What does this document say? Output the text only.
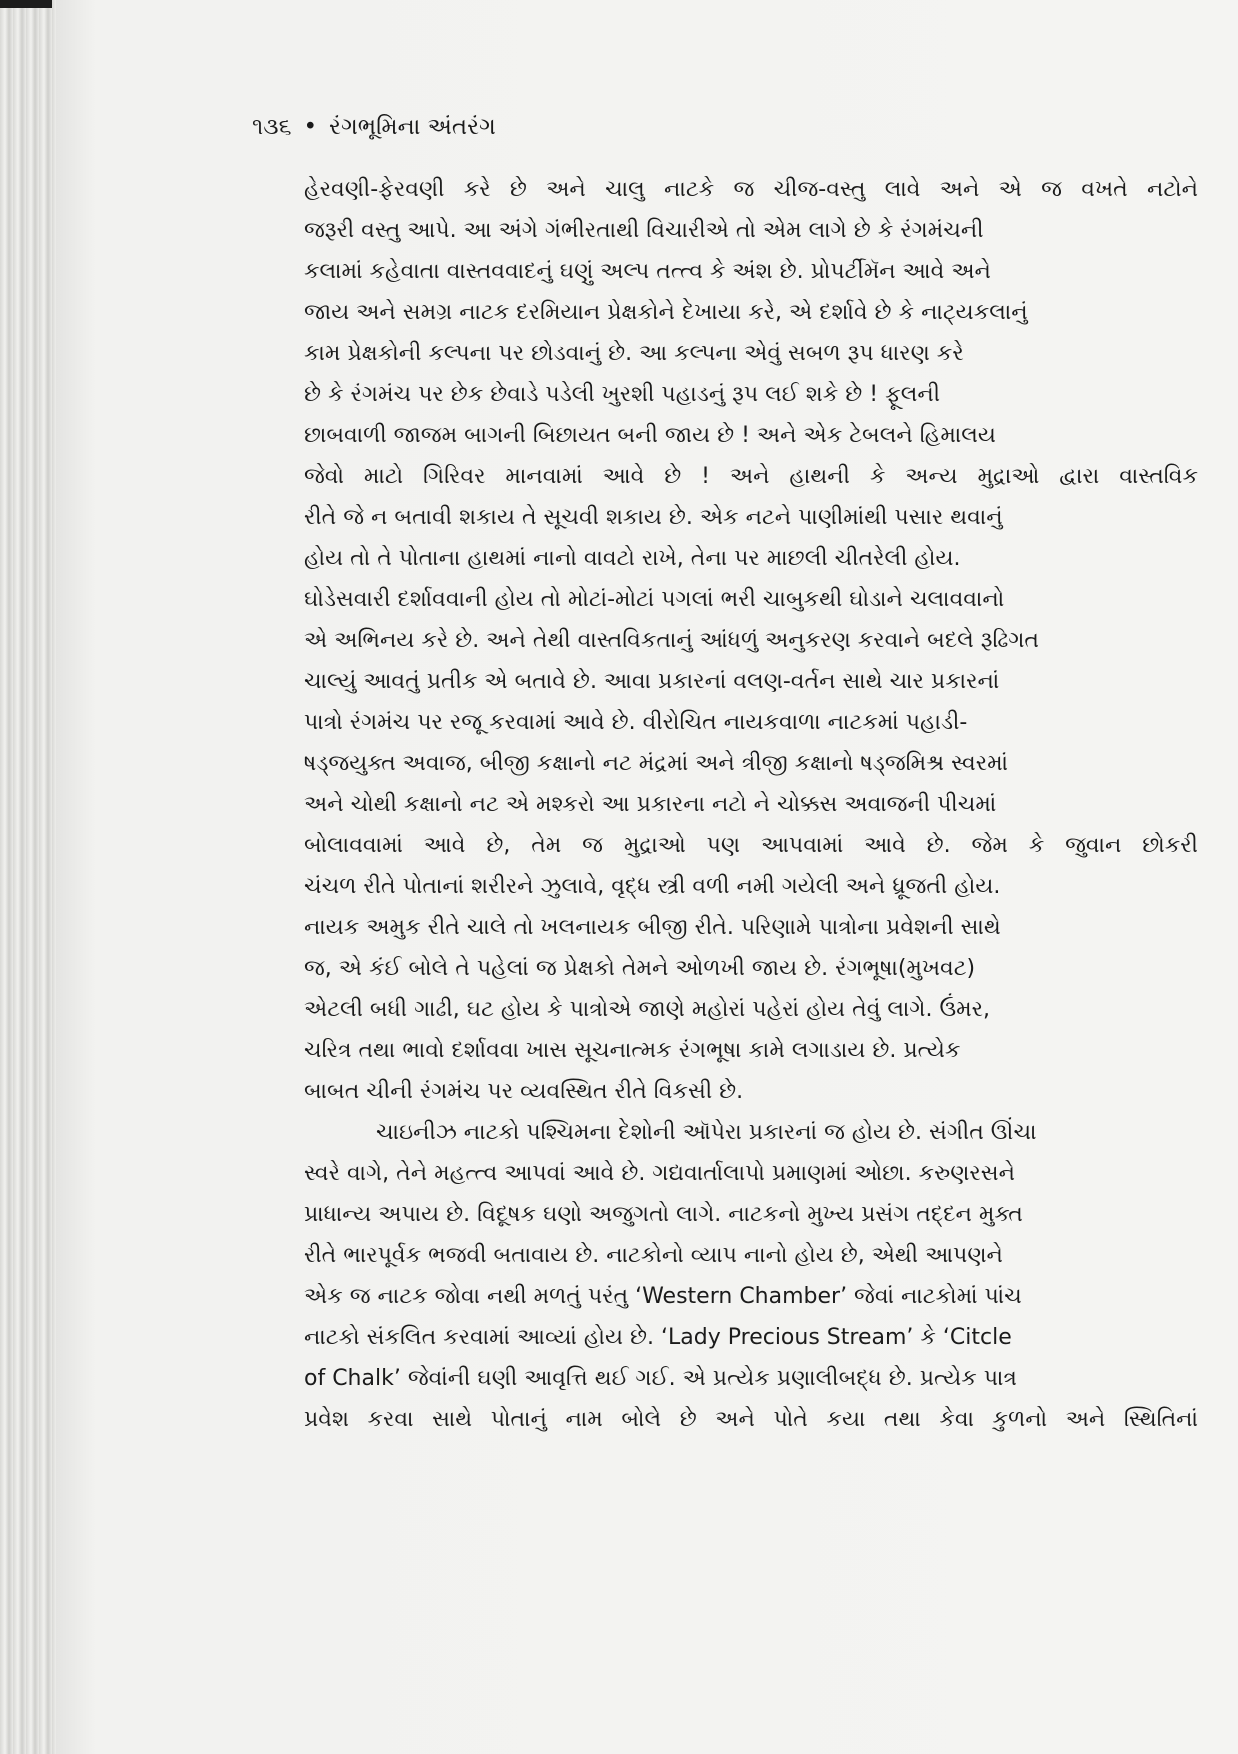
૧૩૬ • રંગભૂમિના અંતરંગ
હેરવણી-ફેરવણી કરે છે અને ચાલુ નાટકે જ ચીજ-વસ્તુ લાવે અને એ જ વખતે નટોને
જરૂરી વસ્તુ આપે. આ અંગે ગંભીરતાથી વિચારીએ તો એમ લાગે છે કે રંગમંચની
કલામાં કહેવાતા વાસ્તવવાદનું ઘણું અલ્પ તત્ત્વ કે અંશ છે. પ્રોપર્ટીમૅન આવે અને
જાય અને સમગ્ર નાટક દરમિયાન પ્રેક્ષકોને દેખાયા કરે, એ દર્શાવે છે કે નાટ્યકલાનું
કામ પ્રેક્ષકોની કલ્પના પર છોડવાનું છે. આ કલ્પના એવું સબળ રૂપ ધારણ કરે
છે કે રંગમંચ પર છેક છેવાડે પડેલી ખુરશી પહાડનું રૂપ લઈ શકે છે ! ફૂલની
છાબવાળી જાજમ બાગની બિછાયત બની જાય છે ! અને એક ટેબલને હિમાલય
જેવો માટો ગિરિવર માનવામાં આવે છે ! અને હાથની કે અન્ય મુદ્રાઓ દ્વારા વાસ્તવિક
રીતે જે ન બતાવી શકાય તે સૂચવી શકાય છે. એક નટને પાણીમાંથી પસાર થવાનું
હોય તો તે પોતાના હાથમાં નાનો વાવટો રાખે, તેના પર માછલી ચીતરેલી હોય.
ઘોડેસવારી દર્શાવવાની હોય તો મોટાં-મોટાં પગલાં ભરી ચાબુકથી ઘોડાને ચલાવવાનો
એ અભિનય કરે છે. અને તેથી વાસ્તવિકતાનું આંધળું અનુકરણ કરવાને બદલે રૂઢિગત
ચાલ્યું આવતું પ્રતીક એ બતાવે છે. આવા પ્રકારનાં વલણ-વર્તન સાથે ચાર પ્રકારનાં
પાત્રો રંગમંચ પર રજૂ કરવામાં આવે છે. વીરોચિત નાયકવાળા નાટકમાં પહાડી-
ષડ્જયુક્ત અવાજ, બીજી કક્ષાનો નટ મંદ્રમાં અને ત્રીજી કક્ષાનો ષડ્જમિશ્ર સ્વરમાં
અને ચોથી કક્ષાનો નટ એ મશ્કરો આ પ્રકારના નટો ને ચોક્કસ અવાજની પીચમાં
બોલાવવામાં આવે છે, તેમ જ મુદ્રાઓ પણ આપવામાં આવે છે. જેમ કે જુવાન છોકરી
ચંચળ રીતે પોતાનાં શરીરને ઝુલાવે, વૃદ્ધ સ્ત્રી વળી નમી ગયેલી અને ધ્રૂજતી હોય.
નાયક અમુક રીતે ચાલે તો ખલનાયક બીજી રીતે. પરિણામે પાત્રોના પ્રવેશની સાથે
જ, એ કંઈ બોલે તે પહેલાં જ પ્રેક્ષકો તેમને ઓળખી જાય છે. રંગભૂષા(મુખવટ)
એટલી બધી ગાઢી, ઘટ હોય કે પાત્રોએ જાણે મહોરાં પહેરાં હોય તેવું લાગે. ઉંમર,
ચરિત્ર તથા ભાવો દર્શાવવા ખાસ સૂચનાત્મક રંગભૂષા કામે લગાડાય છે. પ્રત્યેક
બાબત ચીની રંગમંચ પર વ્યવસ્થિત રીતે વિકસી છે.
ચાઇનીઝ નાટકો પશ્ચિમના દેશોની ઑપેરા પ્રકારનાં જ હોય છે. સંગીત ઊંચા
સ્વરે વાગે, તેને મહત્ત્વ આપવાં આવે છે. ગદ્યવાર્તાલાપો પ્રમાણમાં ઓછા. કરુણરસને
પ્રાધાન્ય અપાય છે. વિદૂષક ઘણો અજુગતો લાગે. નાટકનો મુખ્ય પ્રસંગ તદ્દન મુક્ત
રીતે ભારપૂર્વક ભજવી બતાવાય છે. નાટકોનો વ્યાપ નાનો હોય છે, એથી આપણને
એક જ નાટક જોવા નથી મળતું પરંતુ ‘Western Chamber’ જેવાં નાટકોમાં પાંચ
નાટકો સંકલિત કરવામાં આવ્યાં હોય છે. ‘Lady Precious Stream’ કે ‘Citcle
of Chalk’ જેવાંની ઘણી આવૃત્તિ થઈ ગઈ. એ પ્રત્યેક પ્રણાલીબદ્ધ છે. પ્રત્યેક પાત્ર
પ્રવેશ કરવા સાથે પોતાનું નામ બોલે છે અને પોતે કયા તથા કેવા કુળનો અને સ્થિતિનાં
